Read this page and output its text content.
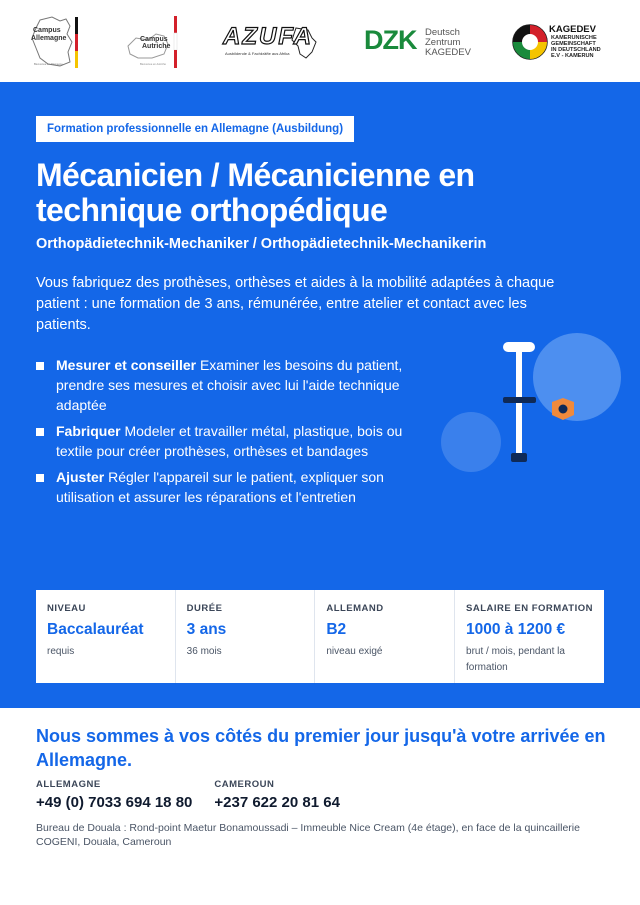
Campus
Allemagne
Bienvenue en Allemagne
Campus
Autriche
Bienvenue en Autriche
AZUFA
Ausbildende & Fachkräfte aus Afrika	DZK Deutsch
Zentrum
KAGEDEV
KAGEDEV
KAMERUNISCHE
GEMEINSCHAFT
IN DEUTSCHLAND
E.V - KAMERUN
Formation professionnelle en Allemagne (Ausbildung)
Mécanicien / Mécanicienne en technique orthopédique
Orthopädietechnik-Mechaniker / Orthopädietechnik-Mechanikerin

Vous fabriquez des prothèses, orthèses et aides à la mobilité adaptées à chaque patient : une formation de 3 ans, rémunérée, entre atelier et contact avec les patients.

Mesurer et conseiller Examiner les besoins du patient, prendre ses mesures et choisir avec lui l'aide technique adaptée
Fabriquer Modeler et travailler métal, plastique, bois ou textile pour créer prothèses, orthèses et bandages
Ajuster Régler l'appareil sur le patient, expliquer son utilisation et assurer les réparations et l'entretien
NIVEAU
Baccalauréat
requis
DURÉE
3 ans
36 mois
ALLEMAND
B2
niveau exigé
SALAIRE EN FORMATION
1000 à 1200 €
brut / mois, pendant la formation
Nous sommes à vos côtés du premier jour jusqu'à votre arrivée en Allemagne.
ALLEMAGNE
+49 (0) 7033 694 18 80
CAMEROUN
+237 622 20 81 64

Bureau de Douala : Rond-point Maetur Bonamoussadi – Immeuble Nice Cream (4e étage), en face de la quincaillerie COGENI, Douala, Cameroun
